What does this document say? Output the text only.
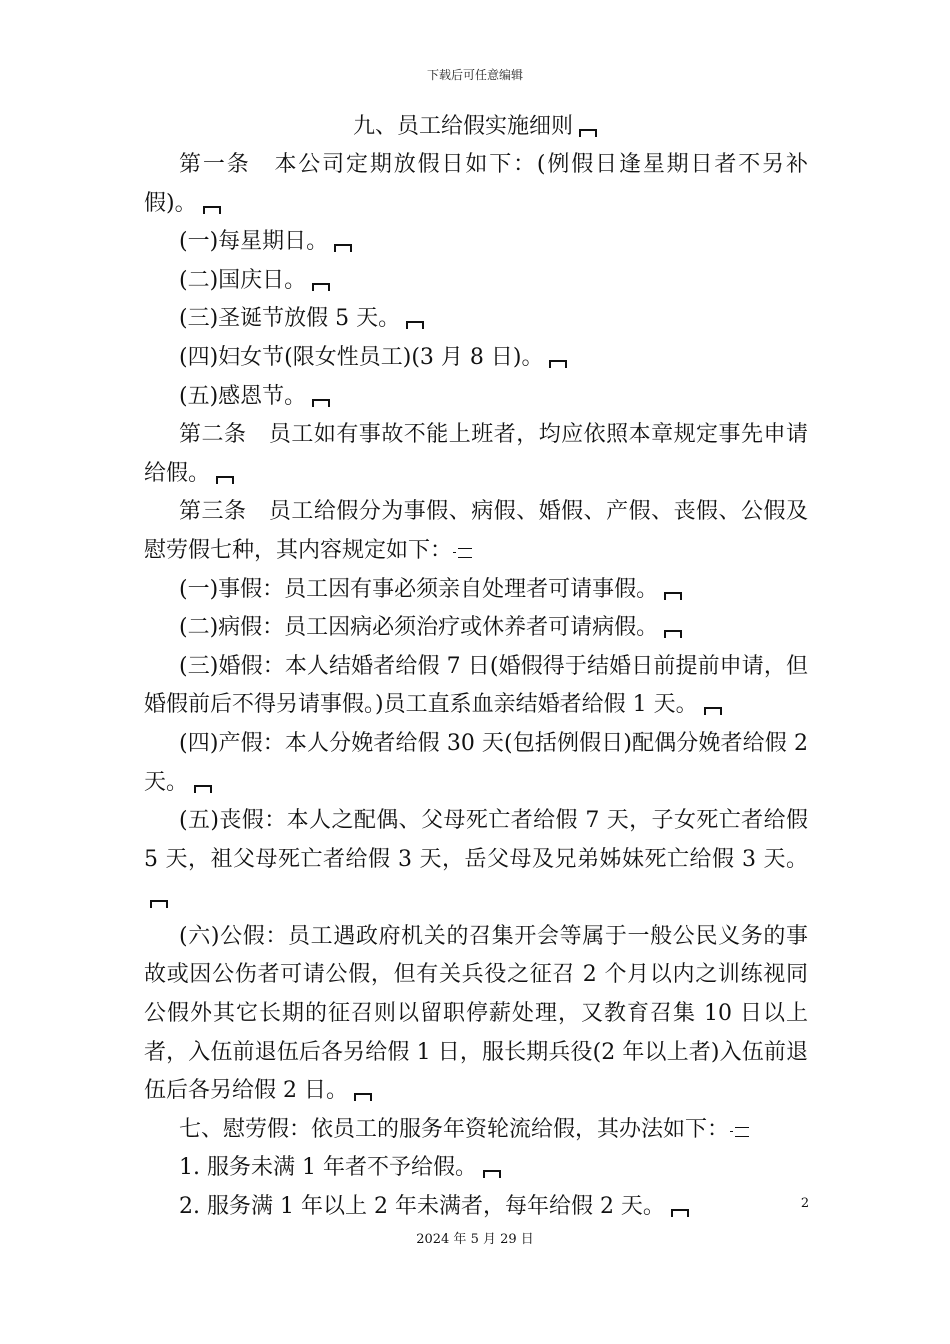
下载后可任意编辑
九、员工给假实施细则

第一条　本公司定期放假日如下：(例假日逢星期日者不另补假)。

(一)每星期日。

(二)国庆日。

(三)圣诞节放假 5 天。

(四)妇女节(限女性员工)(3 月 8 日)。

(五)感恩节。

第二条　员工如有事故不能上班者，均应依照本章规定事先申请给假。

第三条　员工给假分为事假、病假、婚假、产假、丧假、公假及慰劳假七种，其内容规定如下：

(一)事假：员工因有事必须亲自处理者可请事假。

(二)病假：员工因病必须治疗或休养者可请病假。

(三)婚假：本人结婚者给假 7 日(婚假得于结婚日前提前申请，但婚假前后不得另请事假。)员工直系血亲结婚者给假 1 天。

(四)产假：本人分娩者给假 30 天(包括例假日)配偶分娩者给假 2 天。

(五)丧假：本人之配偶、父母死亡者给假 7 天，子女死亡者给假 5 天，祖父母死亡者给假 3 天，岳父母及兄弟姊妹死亡给假 3 天。

(六)公假：员工遇政府机关的召集开会等属于一般公民义务的事故或因公伤者可请公假，但有关兵役之征召 2 个月以内之训练视同公假外其它长期的征召则以留职停薪处理，又教育召集 10 日以上者，入伍前退伍后各另给假 1 日，服长期兵役(2 年以上者)入伍前退伍后各另给假 2 日。

七、慰劳假：依员工的服务年资轮流给假，其办法如下：

1. 服务未满 1 年者不予给假。

2. 服务满 1 年以上 2 年未满者，每年给假 2 天。	2
2024 年 5 月 29 日
